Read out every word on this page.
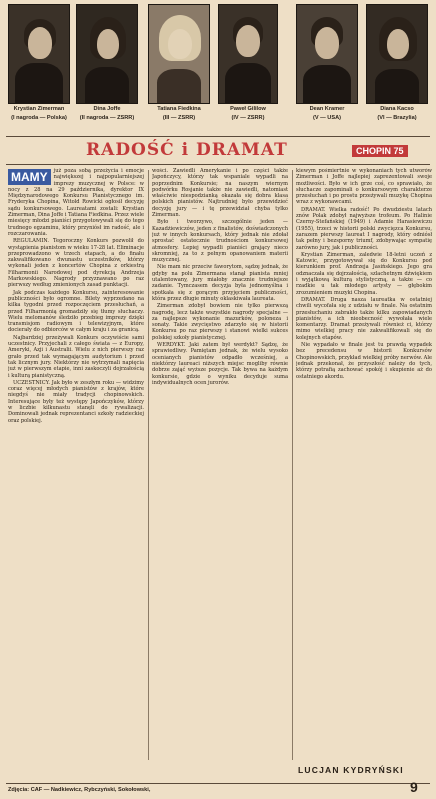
Krystian Zimerman
(I nagroda — Polska)
Dina Joffe
(II nagroda — ZSRR)
Tatiana Fiedkina
(III — ZSRR)
Paweł Gililow
(IV — ZSRR)
Dean Kramer
(V — USA)
Diana Kacso
(VI — Brazylia)
RADOŚĆ i DRAMAT	CHOPIN 75

MAMY	już poza sobą przeżycia i emocje największej i najpopularniejszej imprezy muzycznej w Polsce: w nocy z 28 na 29 października, dyrektor IX Międzynarodowego Konkursu Pianistycznego im. Fryderyka Chopina, Witold Rowicki ogłosił decyzję sądu konkursowego. Laureatami zostali: Krystian Zimerman, Dina Joffe i Tatiana Fiedkina. Przez wiele miesięcy młodzi pianiści przygotowywali się do tego trudnego egzaminu, który przyniósł im radość, ale i rozczarowania.

REGULAMIN. Tegoroczny Konkurs pozwolił do wystąpienia pianistom w wieku 17-28 lat. Eliminacje przeprowadzono w trzech etapach, a do finału zakwalifikowano dwunastu uczestników, którzy wykonali jeden z koncertów Chopina z orkiestrą Filharmonii Narodowej pod dyrekcją Andrzeja Markowskiego. Nagrody przyznawano po raz pierwszy według zmienionych zasad punktacji.

Jak podczas każdego Konkursu, zainteresowanie publiczności było ogromne. Bilety wyprzedano na kilka tygodni przed rozpoczęciem przesłuchań, a przed Filharmonią gromadziły się tłumy słuchaczy. Wielu melomanów śledziło przebieg imprezy dzięki transmisjom radiowym i telewizyjnym, które docierały do odbiorców w całym kraju i za granicą.

Najbardziej przeżywali Konkurs oczywiście sami uczestnicy. Przyjechali z całego świata — z Europy, Ameryki, Azji i Australii. Wielu z nich pierwszy raz grało przed tak wymagającym audytorium i przed tak licznym jury. Niektórzy nie wytrzymali napięcia już w pierwszym etapie, inni zaskoczyli dojrzałością i kulturą pianistyczną.

UCZESTNICY. Jak było w zeszłym roku — widzimy coraz więcej młodych pianistów z krajów, które niegdyś nie miały tradycji chopinowskich. Interesujące były też występy Japończyków, którzy w liczbie kilkunastu stanęli do rywalizacji. Dominowali jednak reprezentanci szkoły radzieckiej oraz polskiej.

wości. Zawiedli Amerykanie i po części także Japończycy, którzy tak wspaniale wypadli na poprzednim Konkursie; na naszym wiernym podwórku Rosjanie także nie zawiedli, natomiast właściwie niespodzianką okazała się dobra klasa polskich pianistów. Najtrudniej było przewidzieć decyzję jury — i tę przewidział chyba tylko Zimerman.

Było i tworzywo, szczególnie jeden — Kazadżiewiczów, jeden z finalistów, doświadczonych już w innych konkursach, który jednak nie zdołał sprostać ostatecznie trudnościom konkursowej atmosfery. Lepiej wypadli pianiści grający nieco skromniej, za to z pełnym opanowaniem materii muzycznej.

Nie mam nic przeciw faworytom, sądzę jednak, że gdyby na polu Zimermana stanął pianista mniej utalentowany, jury miałoby znacznie trudniejsze zadanie. Tymczasem decyzja była jednomyślna i spotkała się z gorącym przyjęciem publiczności, która przez długie minuty oklaskiwała laureata.

Zimerman zdobył bowiem nie tylko pierwszą nagrodę, lecz także wszystkie nagrody specjalne — za najlepsze wykonanie mazurków, poloneza i sonaty. Takie zwycięstwo zdarzyło się w historii Konkursu po raz pierwszy i stanowi wielki sukces polskiej szkoły pianistycznej.

WERDYKT. Jaki zatem był werdykt? Sądzę, że sprawiedliwy. Pamiętam jednak, że wielu wysoko ocenianych pianistów odpadło wcześniej, a niektórzy laureaci niższych miejsc mogliby równie dobrze zająć wyższe pozycje. Tak bywa na każdym konkursie, gdzie o wyniku decyduje suma indywidualnych ocen jurorów.

kiewym pośmiertnie w wykonaniach tych utworów Zimerman i Joffe najlepiej zaprezentowali swoje możliwości. Było w ich grze coś, co sprawiało, że słuchacze zapominali o konkursowym charakterze przesłuchań i po prostu przeżywali muzykę Chopina wraz z wykonawcami.

DRAMAT. Wielka radość! Po dwudziestu latach znów Polak zdobył najwyższe trofeum. Po Halinie Czerny-Stefańskiej (1949) i Adamie Harasiewiczu (1955), trzeci w historii polski zwycięzca Konkursu, zarazem pierwszy laureat I nagrody, który odniósł tak pełny i bezsporny triumf, zdobywając sympatię zarówno jury, jak i publiczności.

Krystian Zimerman, zaledwie 18-letni uczeń z Katowic, przygotowywał się do Konkursu pod kierunkiem prof. Andrzeja Jasińskiego. Jego gra odznaczała się dojrzałością, szlachetnym dźwiękiem i wyjątkową kulturą stylistyczną, a także — co rzadkie u tak młodego artysty — głębokim zrozumieniem muzyki Chopina.

DRAMAT. Druga nasza laureatka w ostatniej chwili wycofała się z udziału w finale. Na ostatnim przesłuchaniu zabrakło także kilku zapowiadanych pianistów, a ich nieobecność wywołała wiele komentarzy. Dramat przeżywali również ci, którzy mimo wielkiej pracy nie zakwalifikowali się do kolejnych etapów.

Nie wypadało w finale jest tu prawdą wypadek bez precedensu w historii Konkursów Chopinowskich, przykład wielkiej próby nerwów. Ale jednak przekonał, że przyszłość należy do tych, którzy potrafią zachować spokój i skupienie aż do ostatniego akordu.

LUCJAN KYDRYŃSKI
Zdjęcia: CAF — Nadkiewicz, Rybczyński, Sokołowski,	9
